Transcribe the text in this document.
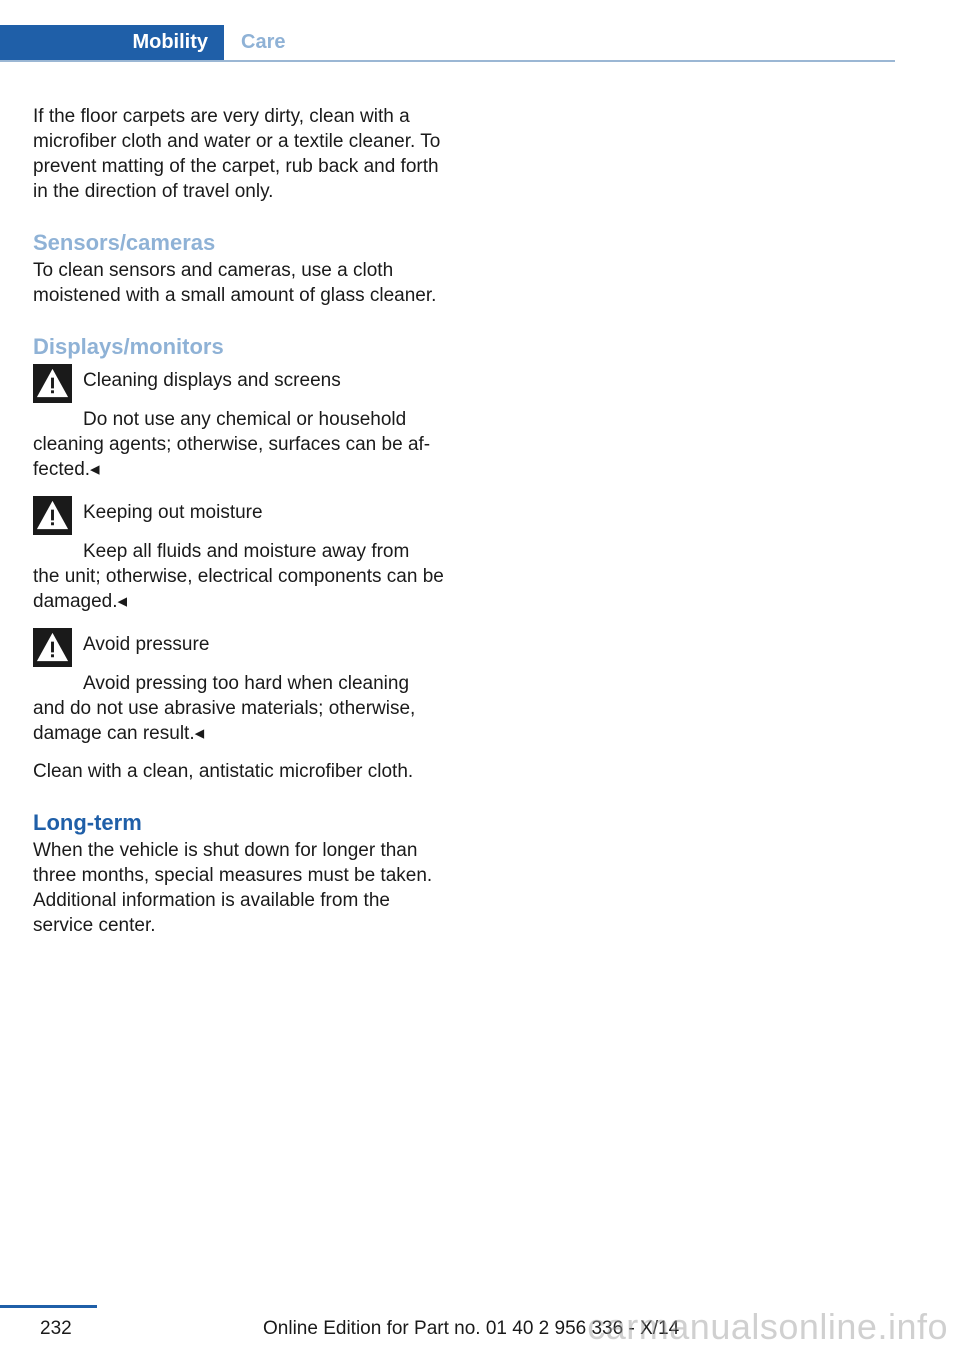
Mobility	Care

If the floor carpets are very dirty, clean with a microfiber cloth and water or a textile cleaner. To prevent matting of the carpet, rub back and forth in the direction of travel only.

Sensors/cameras

To clean sensors and cameras, use a cloth moistened with a small amount of glass cleaner.

Displays/monitors
Cleaning displays and screens
Do not use any chemical or household
cleaning agents; otherwise, surfaces can be af‐fected.◂
Keeping out moisture
Keep all fluids and moisture away from
the unit; otherwise, electrical components can be damaged.◂
Avoid pressure
Avoid pressing too hard when cleaning
and do not use abrasive materials; otherwise, damage can result.◂

Clean with a clean, antistatic microfiber cloth.

Long-term

When the vehicle is shut down for longer than three months, special measures must be taken. Additional information is available from the service center.

232	Online Edition for Part no. 01 40 2 956 336 - X/14
carmanualsonline.info
